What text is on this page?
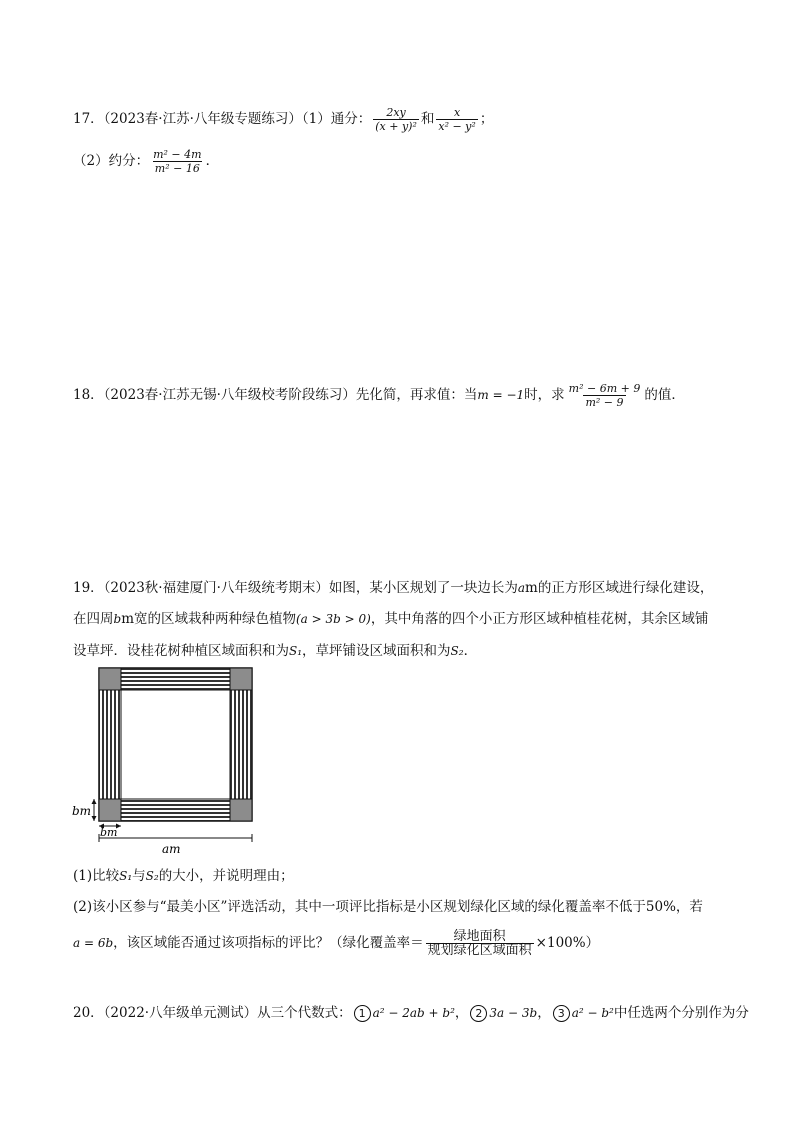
17．（2023春·江苏·八年级专题练习）（1）通分： $\frac{2xy}{\text{(x + y)²}}$ 和 $\frac{x}{\text{x² − y²}}$ ；
（2）约分： $\frac{\text{m² − 4m}}{\text{m² − 16}}$ ．
18．（2023春·江苏无锡·八年级校考阶段练习）先化简，再求值：当m = −1时，求 $\frac{\text{m² − 6m + 9}}{\text{m² − 9}}$ 的值．
19．（2023秋·福建厦门·八年级统考期末）如图，某小区规划了一块边长为am的正方形区域进行绿化建设，
在四周bm宽的区域栽种两种绿色植物(a > 3b > 0)，其中角落的四个小正方形区域种植桂花树，其余区域铺
设草坪．设桂花树种植区域面积和为S₁，草坪铺设区域面积和为S₂．
bm
bm
am
(1)比较S₁与S₂的大小，并说明理由；
(2)该小区参与“最美小区”评选活动，其中一项评比指标是小区规划绿化区域的绿化覆盖率不低于50%，若
a = 6b，该区域能否通过该项指标的评比？（绿化覆盖率＝ $\frac{\text{绿地面积}}{\text{规划绿化区域面积}} \times 100\%$）
20．（2022·八年级单元测试）从三个代数式： 1 a² − 2ab + b²， 2 3a − 3b， 3 a² − b²中任选两个分别作为分
